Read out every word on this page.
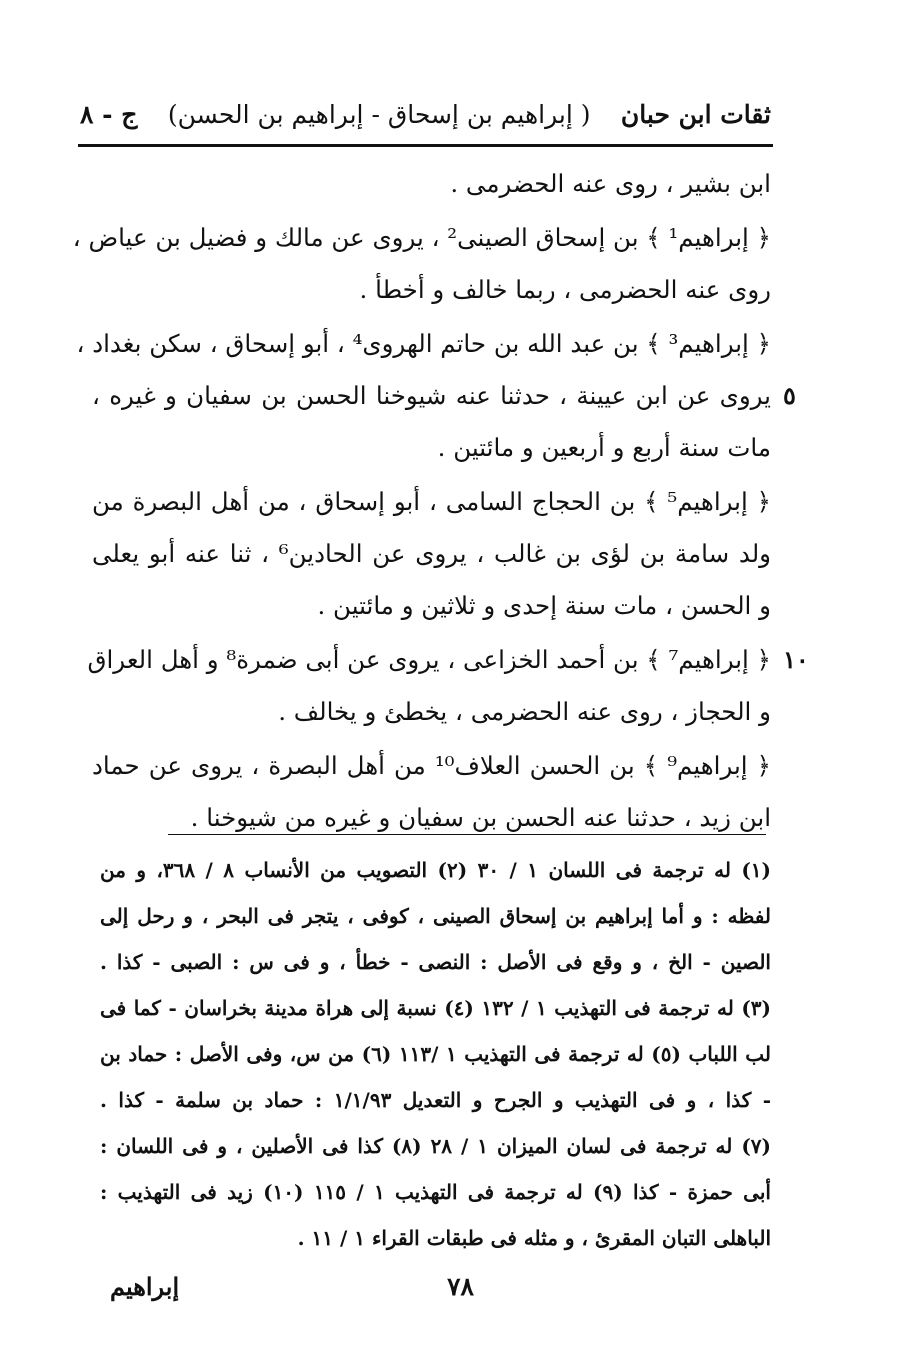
ثقات ابن حبان
( إبراهيم بن إسحاق - إبراهيم بن الحسن)
ج - ٨
ابن بشير ، روى عنه الحضرمى .
﴿ إبراهيم¹ ﴾ بن إسحاق الصينى² ، يروى عن مالك و فضيل بن عياض ،
روى عنه الحضرمى ، ربما خالف و أخطأ .
﴿ إبراهيم³ ﴾ بن عبد الله بن حاتم الهروى⁴ ، أبو إسحاق ، سكن بغداد ،
٥
يروى عن ابن عيينة ، حدثنا عنه شيوخنا الحسن بن سفيان و غيره ،
مات سنة أربع و أربعين و مائتين .
﴿ إبراهيم⁵ ﴾ بن الحجاج السامى ، أبو إسحاق ، من أهل البصرة من
ولد سامة بن لؤى بن غالب ، يروى عن الحادين⁶ ، ثنا عنه أبو يعلى
و الحسن ، مات سنة إحدى و ثلاثين و مائتين .
١٠
﴿ إبراهيم⁷ ﴾ بن أحمد الخزاعى ، يروى عن أبى ضمرة⁸ و أهل العراق
و الحجاز ، روى عنه الحضرمى ، يخطئ و يخالف .
﴿ إبراهيم⁹ ﴾ بن الحسن العلاف¹⁰ من أهل البصرة ، يروى عن حماد
ابن زيد ، حدثنا عنه الحسن بن سفيان و غيره من شيوخنا .
(١) له ترجمة فى اللسان ١ / ٣٠ (٢) التصويب من الأنساب ٨ / ٣٦٨، و من
لفظه : و أما إبراهيم بن إسحاق الصينى ، كوفى ، يتجر فى البحر ، و رحل إلى
الصين - الخ ، و وقع فى الأصل : النصى - خطأ ، و فى س : الصبى - كذا .
(٣) له ترجمة فى التهذيب ١ / ١٣٢ (٤) نسبة إلى هراة مدينة بخراسان - كما فى
لب اللباب (٥) له ترجمة فى التهذيب ١ /١١٣ (٦) من س، وفى الأصل : حماد بن
- كذا ، و فى التهذيب و الجرح و التعديل ١/١/٩٣ : حماد بن سلمة - كذا .
(٧) له ترجمة فى لسان الميزان ١ / ٢٨ (٨) كذا فى الأصلين ، و فى اللسان :
أبى حمزة - كذا (٩) له ترجمة فى التهذيب ١ / ١١٥ (١٠) زيد فى التهذيب :
الباهلى التبان المقرئ ، و مثله فى طبقات القراء ١ / ١١ .
٧٨
إبراهيم
